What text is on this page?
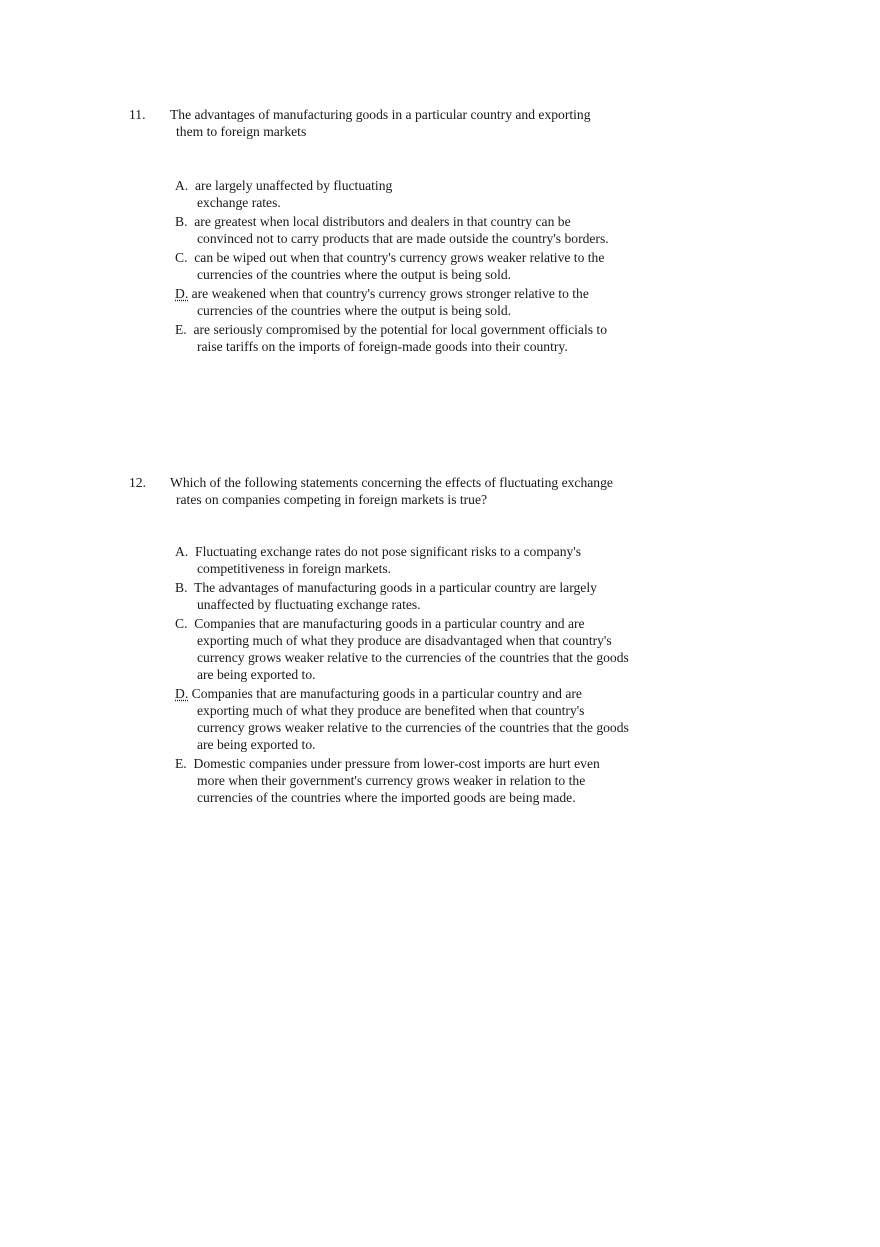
11. The advantages of manufacturing goods in a particular country and exporting
them to foreign markets
A. are largely unaffected by fluctuating
exchange rates.
B. are greatest when local distributors and dealers in that country can be
convinced not to carry products that are made outside the country's borders.
C. can be wiped out when that country's currency grows weaker relative to the
currencies of the countries where the output is being sold.
D. are weakened when that country's currency grows stronger relative to the
currencies of the countries where the output is being sold.
E. are seriously compromised by the potential for local government officials to
raise tariffs on the imports of foreign-made goods into their country.
12. Which of the following statements concerning the effects of fluctuating exchange
rates on companies competing in foreign markets is true?
A. Fluctuating exchange rates do not pose significant risks to a company's
competitiveness in foreign markets.
B. The advantages of manufacturing goods in a particular country are largely
unaffected by fluctuating exchange rates.
C. Companies that are manufacturing goods in a particular country and are
exporting much of what they produce are disadvantaged when that country's
currency grows weaker relative to the currencies of the countries that the goods
are being exported to.
D. Companies that are manufacturing goods in a particular country and are
exporting much of what they produce are benefited when that country's
currency grows weaker relative to the currencies of the countries that the goods
are being exported to.
E. Domestic companies under pressure from lower-cost imports are hurt even
more when their government's currency grows weaker in relation to the
currencies of the countries where the imported goods are being made.
